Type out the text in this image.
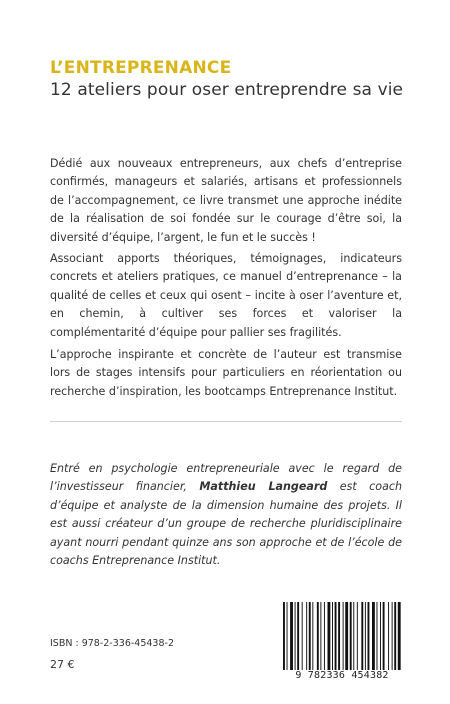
L’ENTREPRENANCE
12 ateliers pour oser entreprendre sa vie

Dédié aux nouveaux entrepreneurs, aux chefs d’entreprise confirmés, manageurs et salariés, artisans et professionnels de l’accompagnement, ce livre transmet une approche inédite de la réalisation de soi fondée sur le courage d’être soi, la diversité d’équipe, l’argent, le fun et le succès !

Associant apports théoriques, témoignages, indicateurs concrets et ateliers pratiques, ce manuel d’entreprenance – la qualité de celles et ceux qui osent – incite à oser l’aventure et, en chemin, à cultiver ses forces et valoriser la complémentarité d’équipe pour pallier ses fragilités.

L’approche inspirante et concrète de l’auteur est transmise lors de stages intensifs pour particuliers en réorientation ou recherche d’inspiration, les bootcamps Entreprenance Institut.

Entré en psychologie entrepreneuriale avec le regard de l’investisseur financier, Matthieu Langeard est coach d’équipe et analyste de la dimension humaine des projets. Il est aussi créateur d’un groupe de recherche pluridisciplinaire ayant nourri pendant quinze ans son approche et de l’école de coachs Entreprenance Institut.

ISBN : 978-2-336-45438-2
27 €
9 782336 454382
